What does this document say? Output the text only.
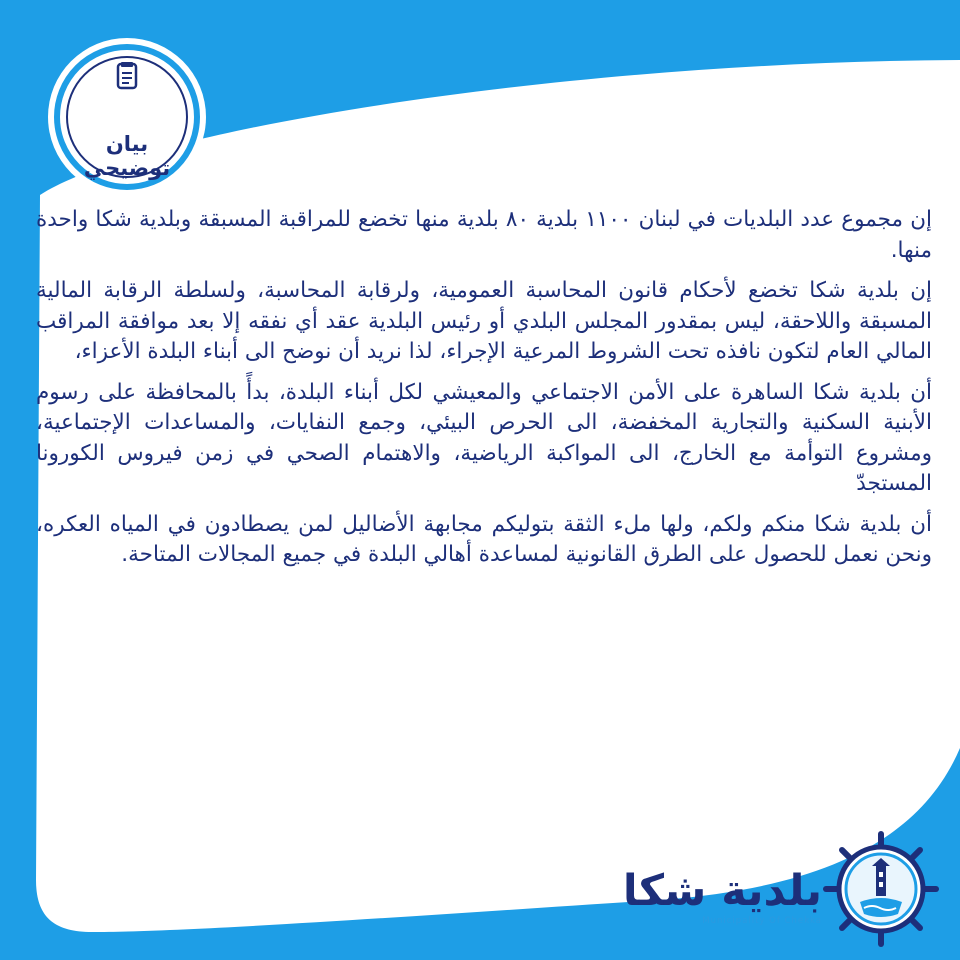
بيان
توضيحي

إن مجموع عدد البلديات في لبنان ١١٠٠ بلدية ٨٠ بلدية منها تخضع للمراقبة المسبقة وبلدية شكا واحدة منها.

إن بلدية شكا تخضع لأحكام قانون المحاسبة العمومية، ولرقابة المحاسبة، ولسلطة الرقابة المالية المسبقة واللاحقة، ليس بمقدور المجلس البلدي أو رئيس البلدية عقد أي نفقه إلا بعد موافقة المراقب المالي العام لتكون نافذه تحت الشروط المرعية الإجراء، لذا نريد أن نوضح الى أبناء البلدة الأعزاء،

أن بلدية شكا الساهرة على الأمن الاجتماعي والمعيشي لكل أبناء البلدة، بدأً بالمحافظة على رسوم الأبنية السكنية والتجارية المخفضة، الى الحرص البيئي، وجمع النفايات، والمساعدات الإجتماعية، ومشروع التوأمة مع الخارج، الى المواكبة الرياضية، والاهتمام الصحي في زمن فيروس الكورونا المستجدّ

أن بلدية شكا منكم ولكم، ولها ملء الثقة بتوليكم مجابهة الأضاليل لمن يصطادون في المياه العكره، ونحن نعمل للحصول على الطرق القانونية لمساعدة أهالي البلدة في جميع المجالات المتاحة.

بلدية شكا
Municipality Of Chekka
